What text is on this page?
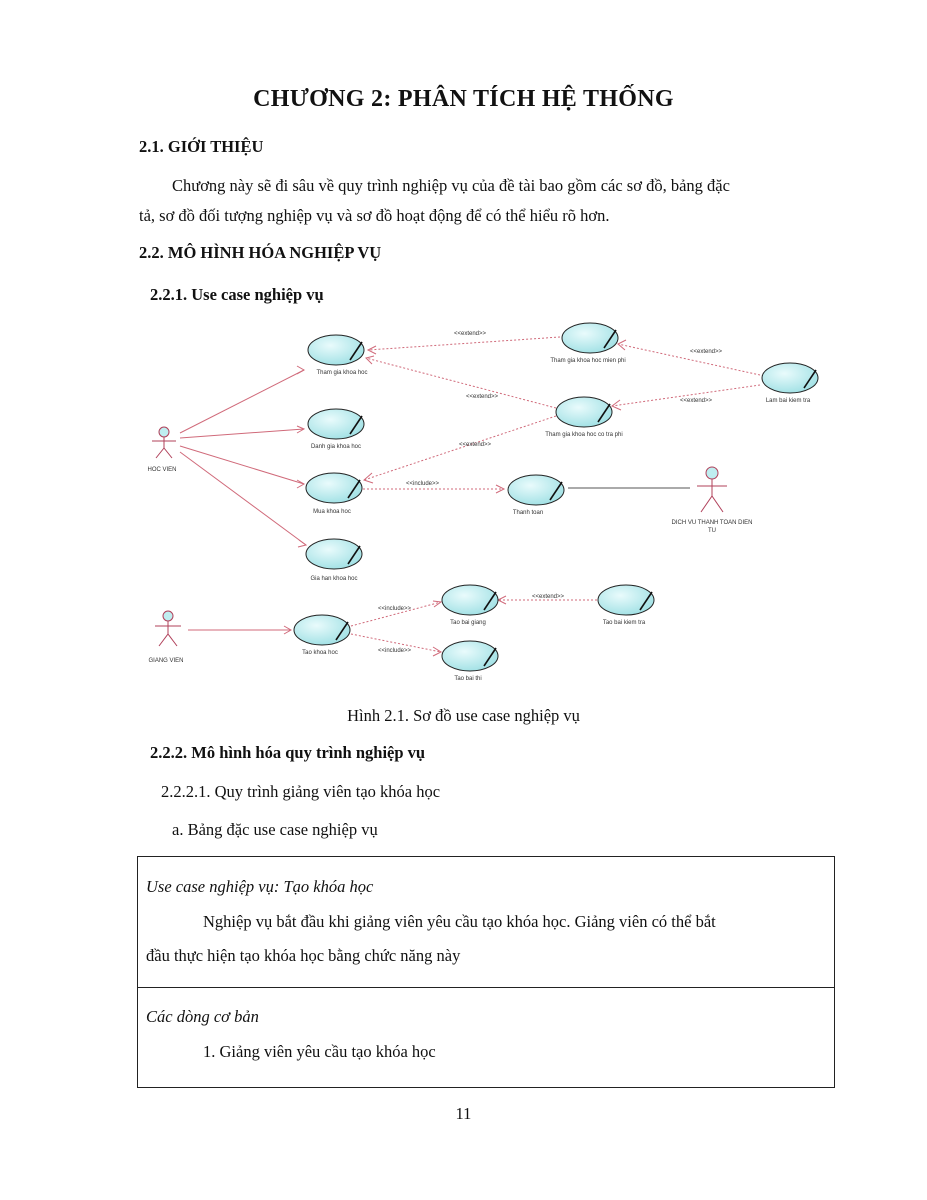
CHƯƠNG 2: PHÂN TÍCH HỆ THỐNG
2.1. GIỚI THIỆU
Chương này sẽ đi sâu về quy trình nghiệp vụ của đề tài bao gồm các sơ đồ, bảng đặc
tả, sơ đồ đối tượng nghiệp vụ và sơ đồ hoạt động để có thể hiểu rõ hơn.
2.2. MÔ HÌNH HÓA NGHIỆP VỤ
2.2.1. Use case nghiệp vụ
<<extend>>
<<extend>>
<<extend>>
<<extend>>
<<extend>>
<<include>>
<<include>>
<<extend>>
<<include>>
Tham gia khoa hoc
Danh gia khoa hoc
Mua khoa hoc
Gia han khoa hoc
Tham gia khoa hoc mien phi
Tham gia khoa hoc co tra phi
Lam bai kiem tra
Thanh toan
Tao khoa hoc
Tao bai giang	Tao bai kiem tra
Tao bai thi
HOC VIEN
GIANG VIEN
DICH VU THANH TOAN DIEN
TU
Hình 2.1. Sơ đồ use case nghiệp vụ
2.2.2. Mô hình hóa quy trình nghiệp vụ
2.2.2.1. Quy trình giảng viên tạo khóa học
a. Bảng đặc use case nghiệp vụ
Use case nghiệp vụ: Tạo khóa học
Nghiệp vụ bắt đầu khi giảng viên yêu cầu tạo khóa học. Giảng viên có thể bắt
đầu thực hiện tạo khóa học bằng chức năng này
Các dòng cơ bản
1. Giảng viên yêu cầu tạo khóa học
11
